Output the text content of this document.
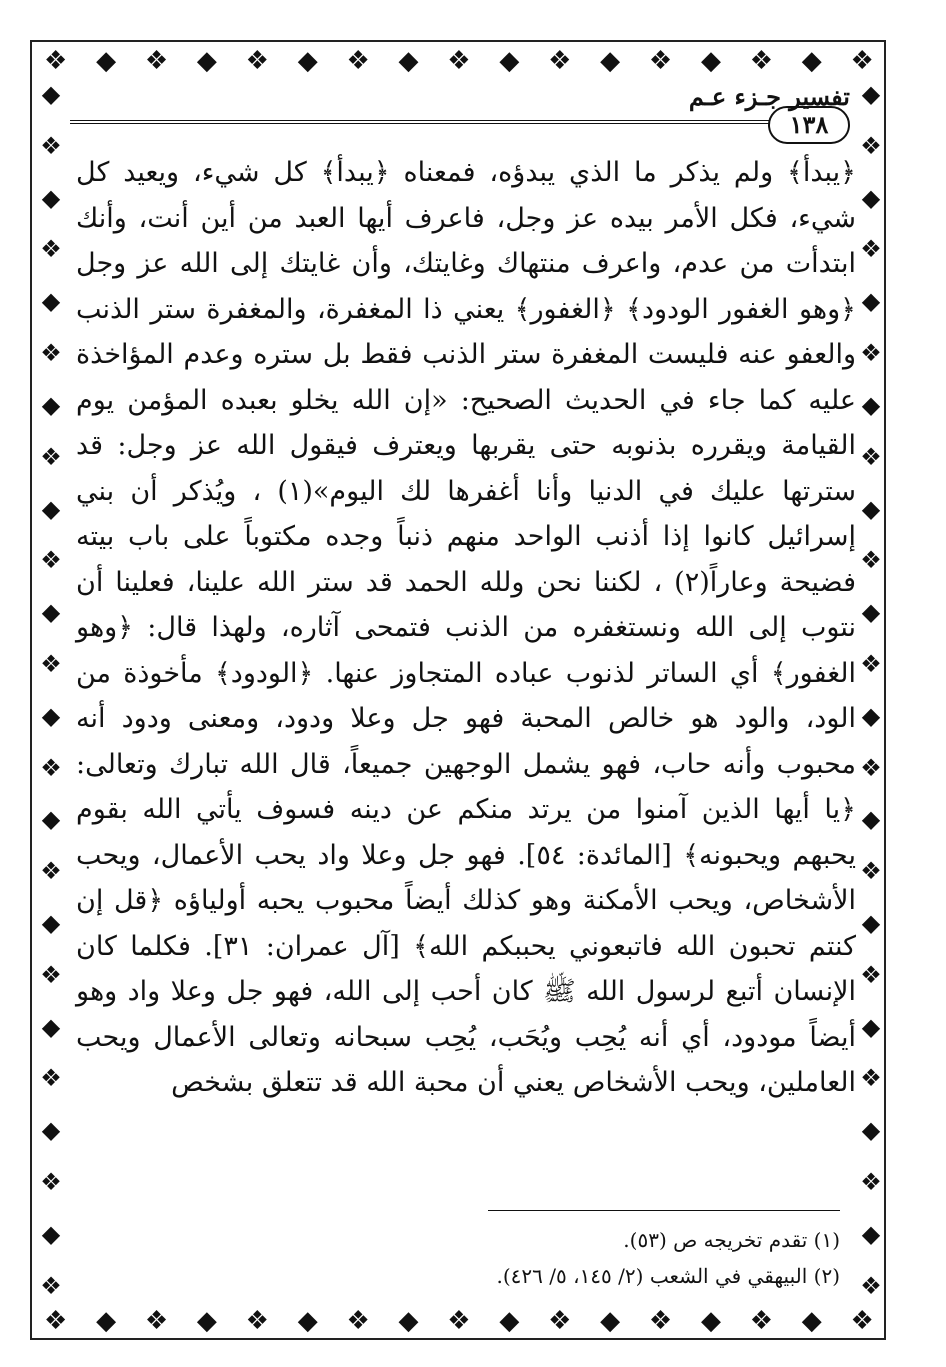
❖ ◆ ❖ ◆ ❖ ◆ ❖ ◆ ❖ ◆ ❖ ◆ ❖ ◆ ❖ ◆ ❖
❖ ◆ ❖ ◆ ❖ ◆ ❖ ◆ ❖ ◆ ❖ ◆ ❖ ◆ ❖ ◆ ❖
◆
❖
◆
❖
◆
❖
◆
❖
◆
❖
◆
❖
◆
❖
◆
❖
◆
❖
◆
❖
◆
❖
◆
❖
◆
❖
◆
❖
◆
❖
◆
❖
◆
❖
◆
❖
◆
❖
◆
❖
◆
❖
◆
❖
◆
❖
◆
❖
تفسير جـزء عـم
١٣٨

﴿يبدأ﴾ ولم يذكر ما الذي يبدؤه، فمعناه ﴿يبدأ﴾ كل شيء، ويعيد كل شيء، فكل الأمر بيده عز وجل، فاعرف أيها العبد من أين أنت، وأنك ابتدأت من عدم، واعرف منتهاك وغايتك، وأن غايتك إلى الله عز وجل ﴿وهو الغفور الودود﴾ ﴿الغفور﴾ يعني ذا المغفرة، والمغفرة ستر الذنب والعفو عنه فليست المغفرة ستر الذنب فقط بل ستره وعدم المؤاخذة عليه كما جاء في الحديث الصحيح: «إن الله يخلو بعبده المؤمن يوم القيامة ويقرره بذنوبه حتى يقربها ويعترف فيقول الله عز وجل: قد سترتها عليك في الدنيا وأنا أغفرها لك اليوم»(١) ، ويُذكر أن بني إسرائيل كانوا إذا أذنب الواحد منهم ذنباً وجده مكتوباً على باب بيته فضيحة وعاراً(٢) ، لكننا نحن ولله الحمد قد ستر الله علينا، فعلينا أن نتوب إلى الله ونستغفره من الذنب فتمحى آثاره، ولهذا قال: ﴿وهو الغفور﴾ أي الساتر لذنوب عباده المتجاوز عنها. ﴿الودود﴾ مأخوذة من الود، والود هو خالص المحبة فهو جل وعلا ودود، ومعنى ودود أنه محبوب وأنه حاب، فهو يشمل الوجهين جميعاً، قال الله تبارك وتعالى: ﴿يا أيها الذين آمنوا من يرتد منكم عن دينه فسوف يأتي الله بقوم يحبهم ويحبونه﴾ [المائدة: ٥٤]. فهو جل وعلا واد يحب الأعمال، ويحب الأشخاص، ويحب الأمكنة وهو كذلك أيضاً محبوب يحبه أولياؤه ﴿قل إن كنتم تحبون الله فاتبعوني يحببكم الله﴾ [آل عمران: ٣١]. فكلما كان الإنسان أتبع لرسول الله ﷺ كان أحب إلى الله، فهو جل وعلا واد وهو أيضاً مودود، أي أنه يُحِب ويُحَب، يُحِب سبحانه وتعالى الأعمال ويحب العاملين، ويحب الأشخاص يعني أن محبة الله قد تتعلق بشخص

(١) تقدم تخريجه ص (٥٣).

(٢) البيهقي في الشعب (٢/ ١٤٥، ٥/ ٤٢٦).
